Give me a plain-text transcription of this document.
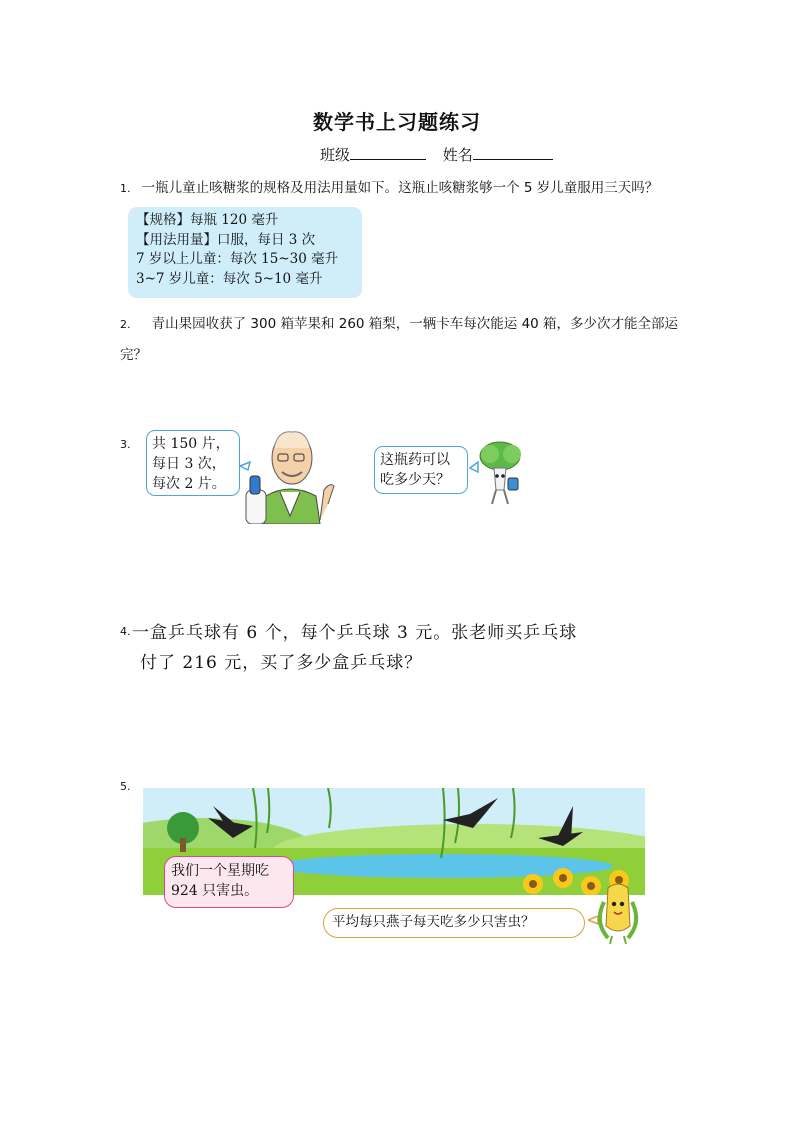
数学书上习题练习
班级	姓名
1. 一瓶儿童止咳糖浆的规格及用法用量如下。这瓶止咳糖浆够一个 5 岁儿童服用三天吗？
【规格】每瓶 120 毫升
【用法用量】口服，每日 3 次
7 岁以上儿童：每次 15~30 毫升
3~7 岁儿童：每次 5~10 毫升
2. 青山果园收获了 300 箱苹果和 260 箱梨，一辆卡车每次能运 40 箱，多少次才能全部运
完？
3. 共 150 片，
每日 3 次，
每次 2 片。
这瓶药可以
吃多少天？
4. 一盒乒乓球有 6 个，每个乒乓球 3 元。张老师买乒乓球
付了 216 元，买了多少盒乒乓球？
5.
我们一个星期吃
924 只害虫。
平均每只燕子每天吃多少只害虫？
